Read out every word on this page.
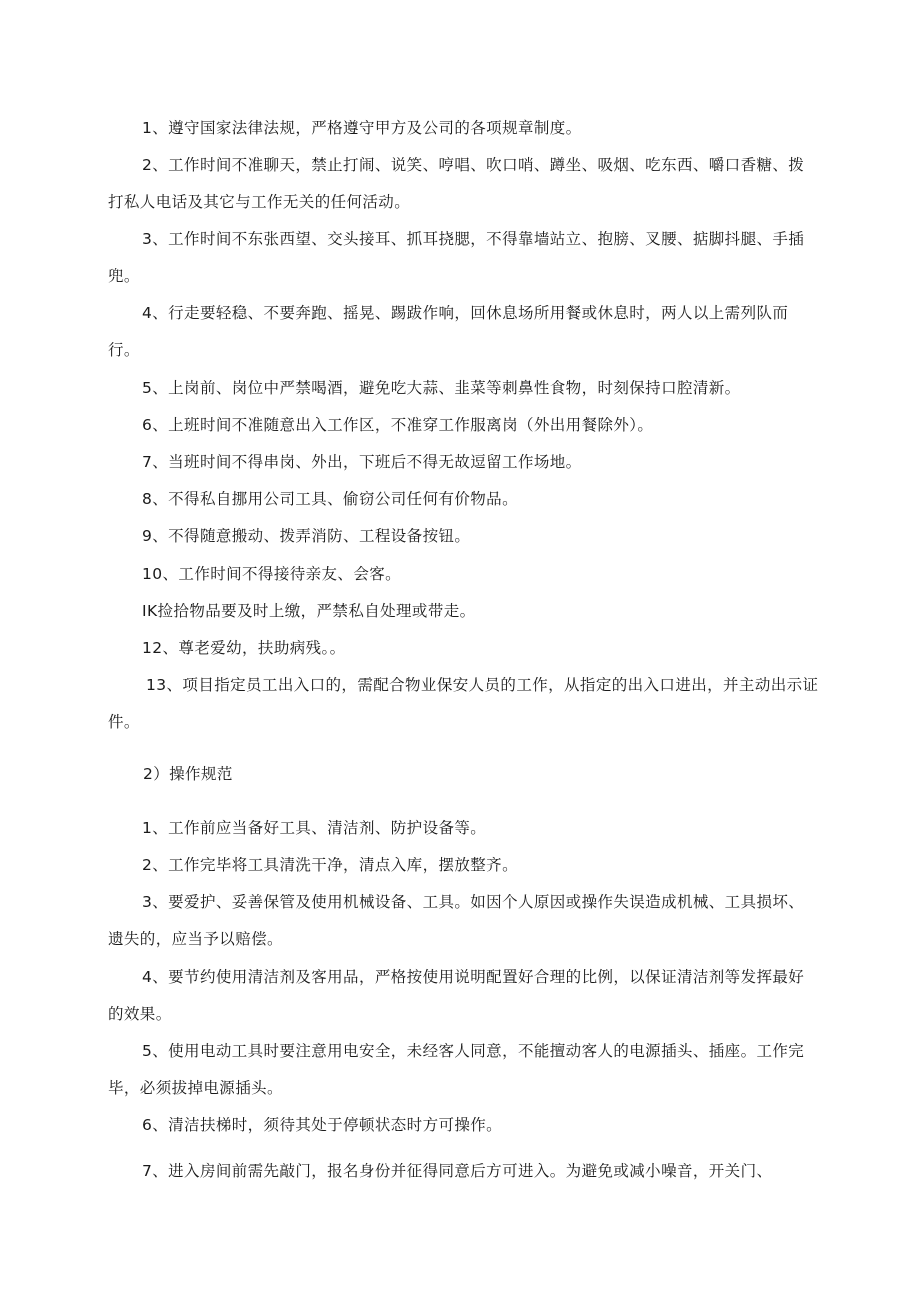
1、遵守国家法律法规，严格遵守甲方及公司的各项规章制度。
2、工作时间不准聊天，禁止打闹、说笑、哼唱、吹口哨、蹲坐、吸烟、吃东西、嚼口香糖、拨打私人电话及其它与工作无关的任何活动。
3、工作时间不东张西望、交头接耳、抓耳挠腮，不得靠墙站立、抱膀、叉腰、掂脚抖腿、手插兜。
4、行走要轻稳、不要奔跑、摇晃、踢跋作响，回休息场所用餐或休息时，两人以上需列队而行。
5、上岗前、岗位中严禁喝酒，避免吃大蒜、韭菜等刺鼻性食物，时刻保持口腔清新。
6、上班时间不准随意出入工作区，不准穿工作服离岗（外出用餐除外）。
7、当班时间不得串岗、外出，下班后不得无故逗留工作场地。
8、不得私自挪用公司工具、偷窃公司任何有价物品。
9、不得随意搬动、拨弄消防、工程设备按钮。
10、工作时间不得接待亲友、会客。
IK捡拾物品要及时上缴，严禁私自处理或带走。
12、尊老爱幼，扶助病残。。
13、项目指定员工出入口的，需配合物业保安人员的工作，从指定的出入口进出，并主动出示证件。
2）操作规范
1、工作前应当备好工具、清洁剂、防护设备等。
2、工作完毕将工具清洗干净，清点入库，摆放整齐。
3、要爱护、妥善保管及使用机械设备、工具。如因个人原因或操作失误造成机械、工具损坏、遗失的，应当予以赔偿。
4、要节约使用清洁剂及客用品，严格按使用说明配置好合理的比例，以保证清洁剂等发挥最好的效果。
5、使用电动工具时要注意用电安全，未经客人同意，不能擅动客人的电源插头、插座。工作完毕，必须拔掉电源插头。
6、清洁扶梯时，须待其处于停顿状态时方可操作。
7、进入房间前需先敲门，报名身份并征得同意后方可进入。为避免或减小噪音，开关门、
